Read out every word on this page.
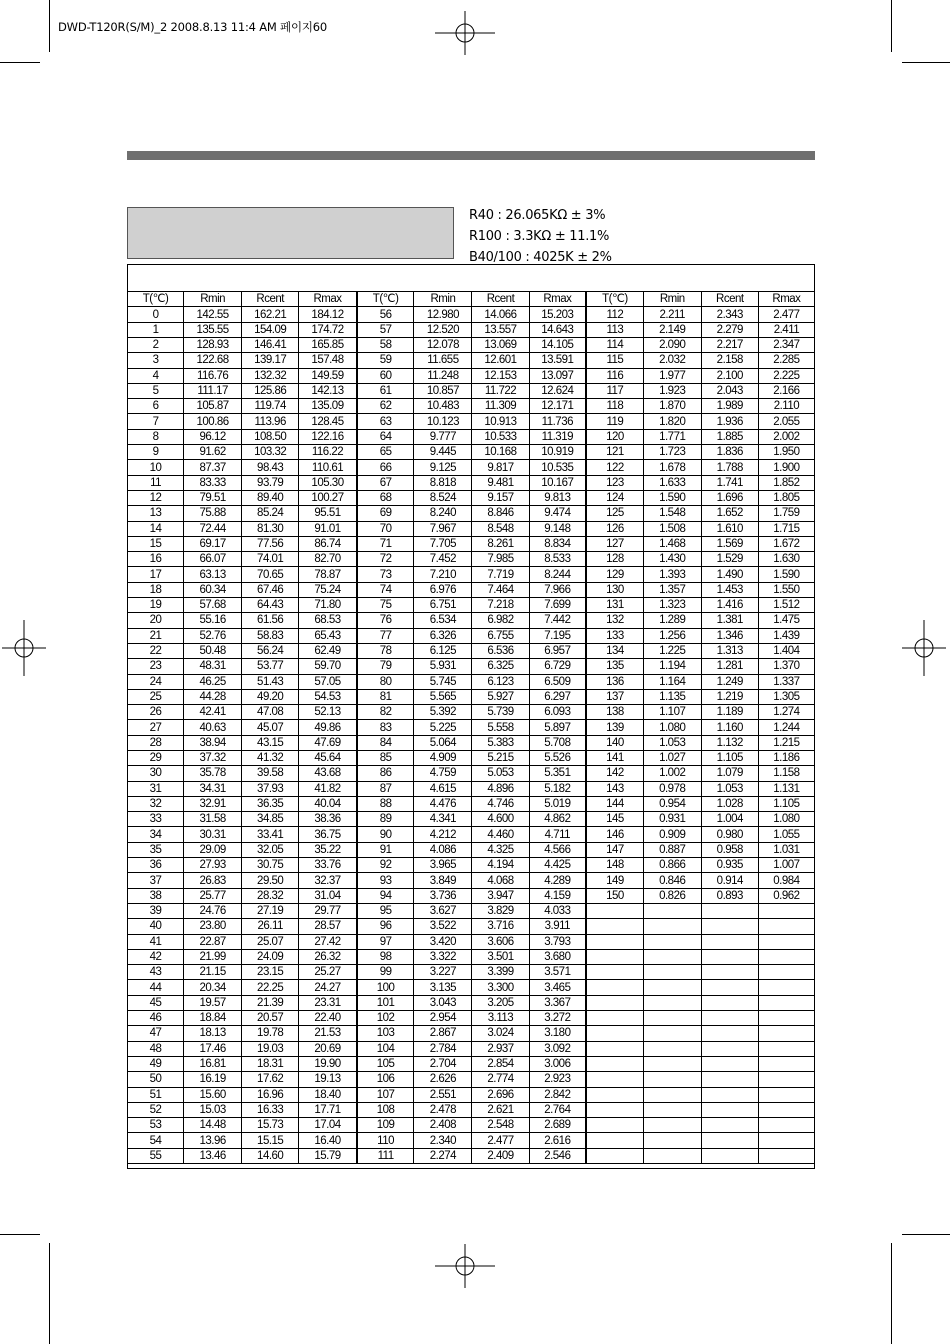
DWD-T120R(S/M)_2 2008.8.13 11:4 AM 페이지60
R40 : 26.065KΩ ± 3%
R100 : 3.3KΩ ± 11.1%
B40/100 : 4025K ± 2%
T(℃)	Rmin	Rcent	Rmax	T(℃)	Rmin	Rcent	Rmax	T(℃)	Rmin	Rcent	Rmax
0	142.55	162.21	184.12	56	12.980	14.066	15.203	112	2.211	2.343	2.477
1	135.55	154.09	174.72	57	12.520	13.557	14.643	113	2.149	2.279	2.411
2	128.93	146.41	165.85	58	12.078	13.069	14.105	114	2.090	2.217	2.347
3	122.68	139.17	157.48	59	11.655	12.601	13.591	115	2.032	2.158	2.285
4	116.76	132.32	149.59	60	11.248	12.153	13.097	116	1.977	2.100	2.225
5	111.17	125.86	142.13	61	10.857	11.722	12.624	117	1.923	2.043	2.166
6	105.87	119.74	135.09	62	10.483	11.309	12.171	118	1.870	1.989	2.110
7	100.86	113.96	128.45	63	10.123	10.913	11.736	119	1.820	1.936	2.055
8	96.12	108.50	122.16	64	9.777	10.533	11.319	120	1.771	1.885	2.002
9	91.62	103.32	116.22	65	9.445	10.168	10.919	121	1.723	1.836	1.950
10	87.37	98.43	110.61	66	9.125	9.817	10.535	122	1.678	1.788	1.900
11	83.33	93.79	105.30	67	8.818	9.481	10.167	123	1.633	1.741	1.852
12	79.51	89.40	100.27	68	8.524	9.157	9.813	124	1.590	1.696	1.805
13	75.88	85.24	95.51	69	8.240	8.846	9.474	125	1.548	1.652	1.759
14	72.44	81.30	91.01	70	7.967	8.548	9.148	126	1.508	1.610	1.715
15	69.17	77.56	86.74	71	7.705	8.261	8.834	127	1.468	1.569	1.672
16	66.07	74.01	82.70	72	7.452	7.985	8.533	128	1.430	1.529	1.630
17	63.13	70.65	78.87	73	7.210	7.719	8.244	129	1.393	1.490	1.590
18	60.34	67.46	75.24	74	6.976	7.464	7.966	130	1.357	1.453	1.550
19	57.68	64.43	71.80	75	6.751	7.218	7.699	131	1.323	1.416	1.512
20	55.16	61.56	68.53	76	6.534	6.982	7.442	132	1.289	1.381	1.475
21	52.76	58.83	65.43	77	6.326	6.755	7.195	133	1.256	1.346	1.439
22	50.48	56.24	62.49	78	6.125	6.536	6.957	134	1.225	1.313	1.404
23	48.31	53.77	59.70	79	5.931	6.325	6.729	135	1.194	1.281	1.370
24	46.25	51.43	57.05	80	5.745	6.123	6.509	136	1.164	1.249	1.337
25	44.28	49.20	54.53	81	5.565	5.927	6.297	137	1.135	1.219	1.305
26	42.41	47.08	52.13	82	5.392	5.739	6.093	138	1.107	1.189	1.274
27	40.63	45.07	49.86	83	5.225	5.558	5.897	139	1.080	1.160	1.244
28	38.94	43.15	47.69	84	5.064	5.383	5.708	140	1.053	1.132	1.215
29	37.32	41.32	45.64	85	4.909	5.215	5.526	141	1.027	1.105	1.186
30	35.78	39.58	43.68	86	4.759	5.053	5.351	142	1.002	1.079	1.158
31	34.31	37.93	41.82	87	4.615	4.896	5.182	143	0.978	1.053	1.131
32	32.91	36.35	40.04	88	4.476	4.746	5.019	144	0.954	1.028	1.105
33	31.58	34.85	38.36	89	4.341	4.600	4.862	145	0.931	1.004	1.080
34	30.31	33.41	36.75	90	4.212	4.460	4.711	146	0.909	0.980	1.055
35	29.09	32.05	35.22	91	4.086	4.325	4.566	147	0.887	0.958	1.031
36	27.93	30.75	33.76	92	3.965	4.194	4.425	148	0.866	0.935	1.007
37	26.83	29.50	32.37	93	3.849	4.068	4.289	149	0.846	0.914	0.984
38	25.77	28.32	31.04	94	3.736	3.947	4.159	150	0.826	0.893	0.962
39	24.76	27.19	29.77	95	3.627	3.829	4.033				
40	23.80	26.11	28.57	96	3.522	3.716	3.911				
41	22.87	25.07	27.42	97	3.420	3.606	3.793				
42	21.99	24.09	26.32	98	3.322	3.501	3.680				
43	21.15	23.15	25.27	99	3.227	3.399	3.571				
44	20.34	22.25	24.27	100	3.135	3.300	3.465				
45	19.57	21.39	23.31	101	3.043	3.205	3.367				
46	18.84	20.57	22.40	102	2.954	3.113	3.272				
47	18.13	19.78	21.53	103	2.867	3.024	3.180				
48	17.46	19.03	20.69	104	2.784	2.937	3.092				
49	16.81	18.31	19.90	105	2.704	2.854	3.006				
50	16.19	17.62	19.13	106	2.626	2.774	2.923				
51	15.60	16.96	18.40	107	2.551	2.696	2.842				
52	15.03	16.33	17.71	108	2.478	2.621	2.764				
53	14.48	15.73	17.04	109	2.408	2.548	2.689				
54	13.96	15.15	16.40	110	2.340	2.477	2.616				
55	13.46	14.60	15.79	111	2.274	2.409	2.546				
